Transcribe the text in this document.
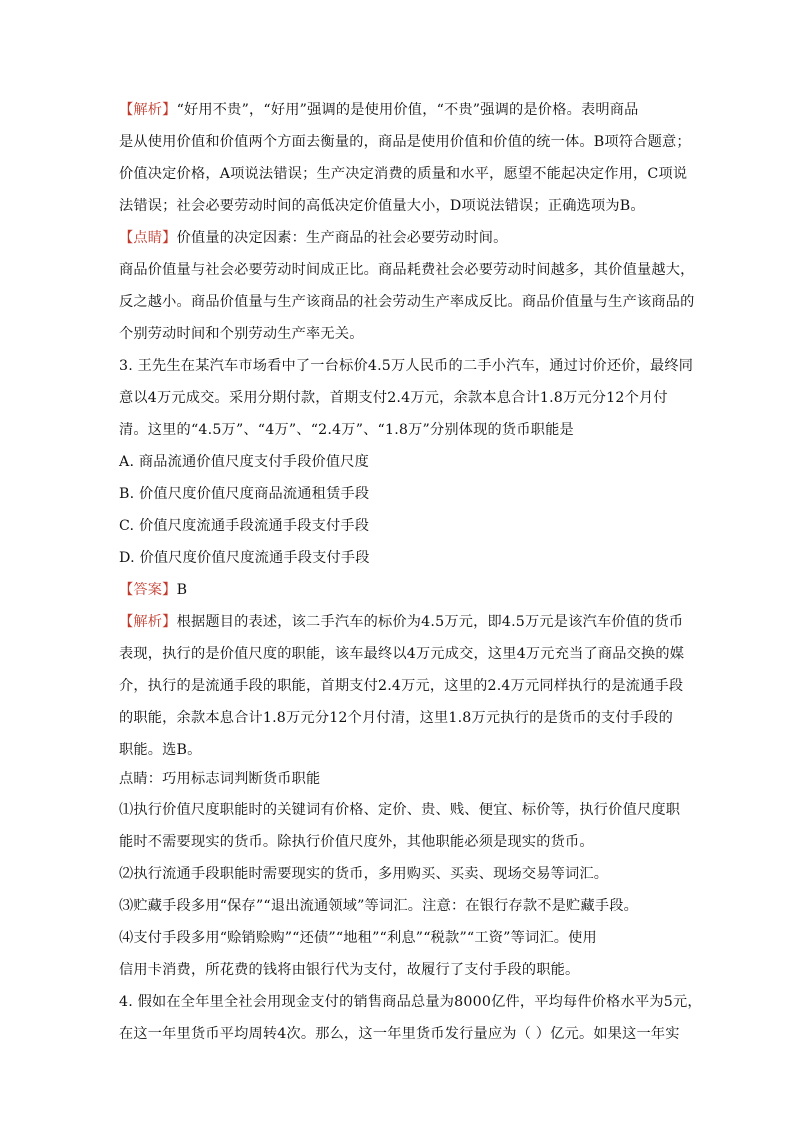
【解析】“好用不贵”，“好用”强调的是使用价值，“不贵”强调的是价格。表明商品
是从使用价值和价值两个方面去衡量的，商品是使用价值和价值的统一体。B项符合题意；
价值决定价格，A项说法错误；生产决定消费的质量和水平，愿望不能起决定作用，C项说
法错误；社会必要劳动时间的高低决定价值量大小，D项说法错误；正确选项为B。
【点睛】价值量的决定因素：生产商品的社会必要劳动时间。
商品价值量与社会必要劳动时间成正比。商品耗费社会必要劳动时间越多，其价值量越大，
反之越小。商品价值量与生产该商品的社会劳动生产率成反比。商品价值量与生产该商品的
个别劳动时间和个别劳动生产率无关。
3. 王先生在某汽车市场看中了一台标价4.5万人民币的二手小汽车，通过讨价还价，最终同
意以4万元成交。采用分期付款，首期支付2.4万元，余款本息合计1.8万元分12个月付
清。这里的“4.5万”、“4万”、“2.4万”、“1.8万”分别体现的货币职能是
A. 商品流通价值尺度支付手段价值尺度
B. 价值尺度价值尺度商品流通租赁手段
C. 价值尺度流通手段流通手段支付手段
D. 价值尺度价值尺度流通手段支付手段
【答案】B
【解析】根据题目的表述，该二手汽车的标价为4.5万元，即4.5万元是该汽车价值的货币
表现，执行的是价值尺度的职能，该车最终以4万元成交，这里4万元充当了商品交换的媒
介，执行的是流通手段的职能，首期支付2.4万元，这里的2.4万元同样执行的是流通手段
的职能，余款本息合计1.8万元分12个月付清，这里1.8万元执行的是货币的支付手段的
职能。选B。
点睛：巧用标志词判断货币职能
⑴执行价值尺度职能时的关键词有价格、定价、贵、贱、便宜、标价等，执行价值尺度职
能时不需要现实的货币。除执行价值尺度外，其他职能必须是现实的货币。
⑵执行流通手段职能时需要现实的货币，多用购买、买卖、现场交易等词汇。
⑶贮藏手段多用“保存”“退出流通领域”等词汇。注意：在银行存款不是贮藏手段。
⑷支付手段多用“赊销赊购”“还债”“地租”“利息”“税款”“工资”等词汇。使用
信用卡消费，所花费的钱将由银行代为支付，故履行了支付手段的职能。
4. 假如在全年里全社会用现金支付的销售商品总量为8000亿件，平均每件价格水平为5元，
在这一年里货币平均周转4次。那么，这一年里货币发行量应为（ ）亿元。如果这一年实
